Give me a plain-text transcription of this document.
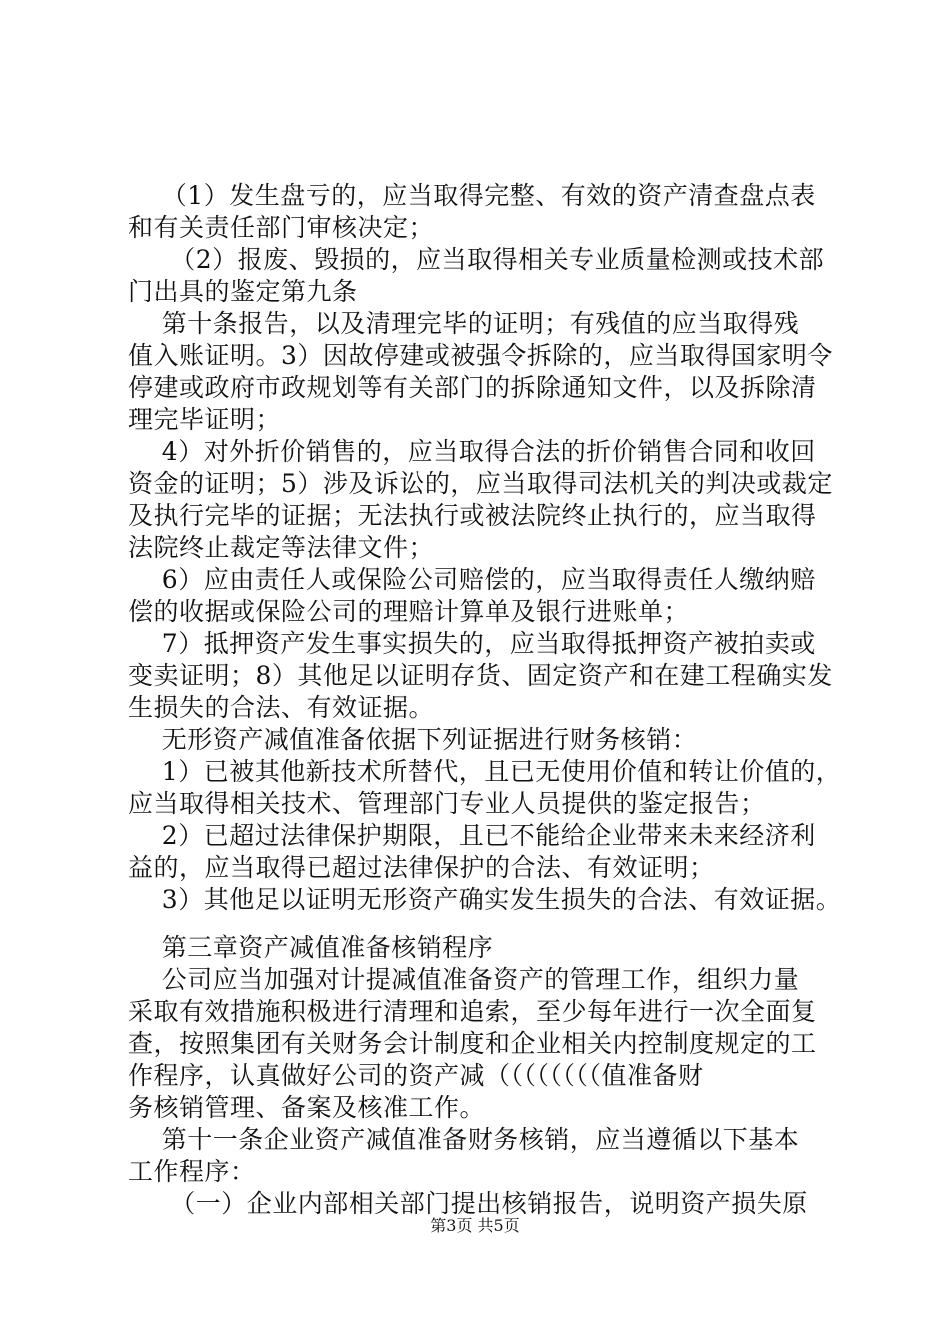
（1）发生盘亏的，应当取得完整、有效的资产清查盘点表
和有关责任部门审核决定；
（2）报废、毁损的，应当取得相关专业质量检测或技术部
门出具的鉴定第九条
第十条报告，以及清理完毕的证明；有残值的应当取得残
值入账证明。3）因故停建或被强令拆除的，应当取得国家明令
停建或政府市政规划等有关部门的拆除通知文件，以及拆除清
理完毕证明；
4）对外折价销售的，应当取得合法的折价销售合同和收回
资金的证明；5）涉及诉讼的，应当取得司法机关的判决或裁定
及执行完毕的证据；无法执行或被法院终止执行的，应当取得
法院终止裁定等法律文件；
6）应由责任人或保险公司赔偿的，应当取得责任人缴纳赔
偿的收据或保险公司的理赔计算单及银行进账单；
7）抵押资产发生事实损失的，应当取得抵押资产被拍卖或
变卖证明；8）其他足以证明存货、固定资产和在建工程确实发
生损失的合法、有效证据。
无形资产减值准备依据下列证据进行财务核销：
1）已被其他新技术所替代，且已无使用价值和转让价值的，
应当取得相关技术、管理部门专业人员提供的鉴定报告；
2）已超过法律保护期限，且已不能给企业带来未来经济利
益的，应当取得已超过法律保护的合法、有效证明；
3）其他足以证明无形资产确实发生损失的合法、有效证据。
第三章资产减值准备核销程序
公司应当加强对计提减值准备资产的管理工作，组织力量
采取有效措施积极进行清理和追索，至少每年进行一次全面复
查，按照集团有关财务会计制度和企业相关内控制度规定的工
作程序，认真做好公司的资产减（（（（（（（（值准备财
务核销管理、备案及核准工作。
第十一条企业资产减值准备财务核销，应当遵循以下基本
工作程序：
（一）企业内部相关部门提出核销报告，说明资产损失原
第3页 共5页
